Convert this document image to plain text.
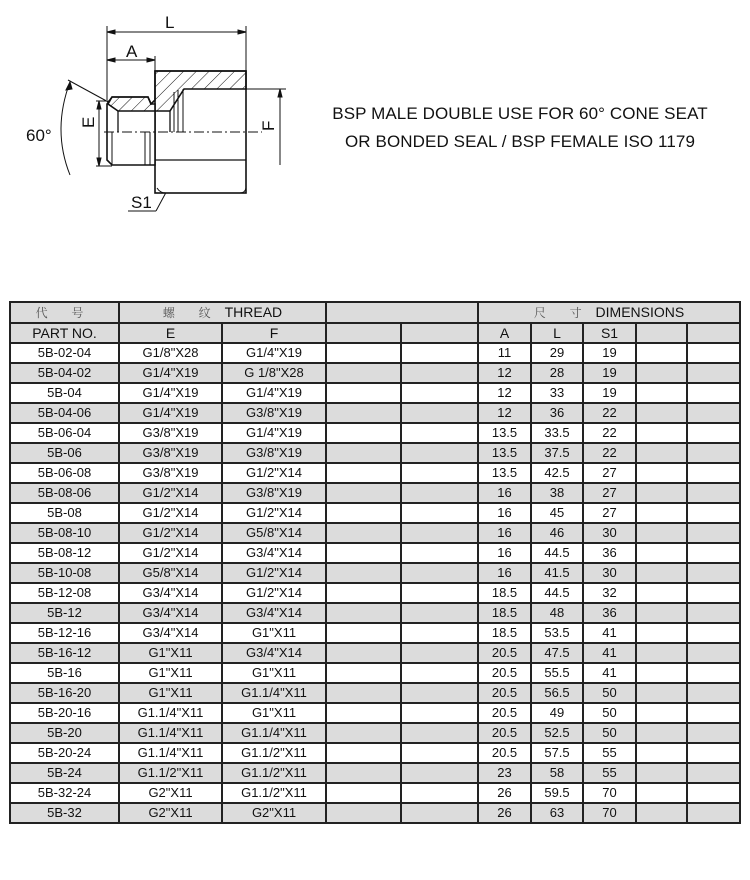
L
A
60°
E	F
S1
BSP MALE DOUBLE USE FOR 60° CONE SEAT
OR BONDED SEAL / BSP FEMALE ISO 1179
代 号	螺 纹 THREAD				尺 寸 DIMENSIONS				
PART NO.	E	F			A	L	S1		
5B-02-04	G1/8"X28	G1/4"X19			11	29	19		
5B-04-02	G1/4"X19	G 1/8"X28			12	28	19		
5B-04	G1/4"X19	G1/4"X19			12	33	19		
5B-04-06	G1/4"X19	G3/8"X19			12	36	22		
5B-06-04	G3/8"X19	G1/4"X19			13.5	33.5	22		
5B-06	G3/8"X19	G3/8"X19			13.5	37.5	22		
5B-06-08	G3/8"X19	G1/2"X14			13.5	42.5	27		
5B-08-06	G1/2"X14	G3/8"X19			16	38	27		
5B-08	G1/2"X14	G1/2"X14			16	45	27		
5B-08-10	G1/2"X14	G5/8"X14			16	46	30		
5B-08-12	G1/2"X14	G3/4"X14			16	44.5	36		
5B-10-08	G5/8"X14	G1/2"X14			16	41.5	30		
5B-12-08	G3/4"X14	G1/2"X14			18.5	44.5	32		
5B-12	G3/4"X14	G3/4"X14			18.5	48	36		
5B-12-16	G3/4"X14	G1"X11			18.5	53.5	41		
5B-16-12	G1"X11	G3/4"X14			20.5	47.5	41		
5B-16	G1"X11	G1"X11			20.5	55.5	41		
5B-16-20	G1"X11	G1.1/4"X11			20.5	56.5	50		
5B-20-16	G1.1/4"X11	G1"X11			20.5	49	50		
5B-20	G1.1/4"X11	G1.1/4"X11			20.5	52.5	50		
5B-20-24	G1.1/4"X11	G1.1/2"X11			20.5	57.5	55		
5B-24	G1.1/2"X11	G1.1/2"X11			23	58	55		
5B-32-24	G2"X11	G1.1/2"X11			26	59.5	70		
5B-32	G2"X11	G2"X11			26	63	70		
